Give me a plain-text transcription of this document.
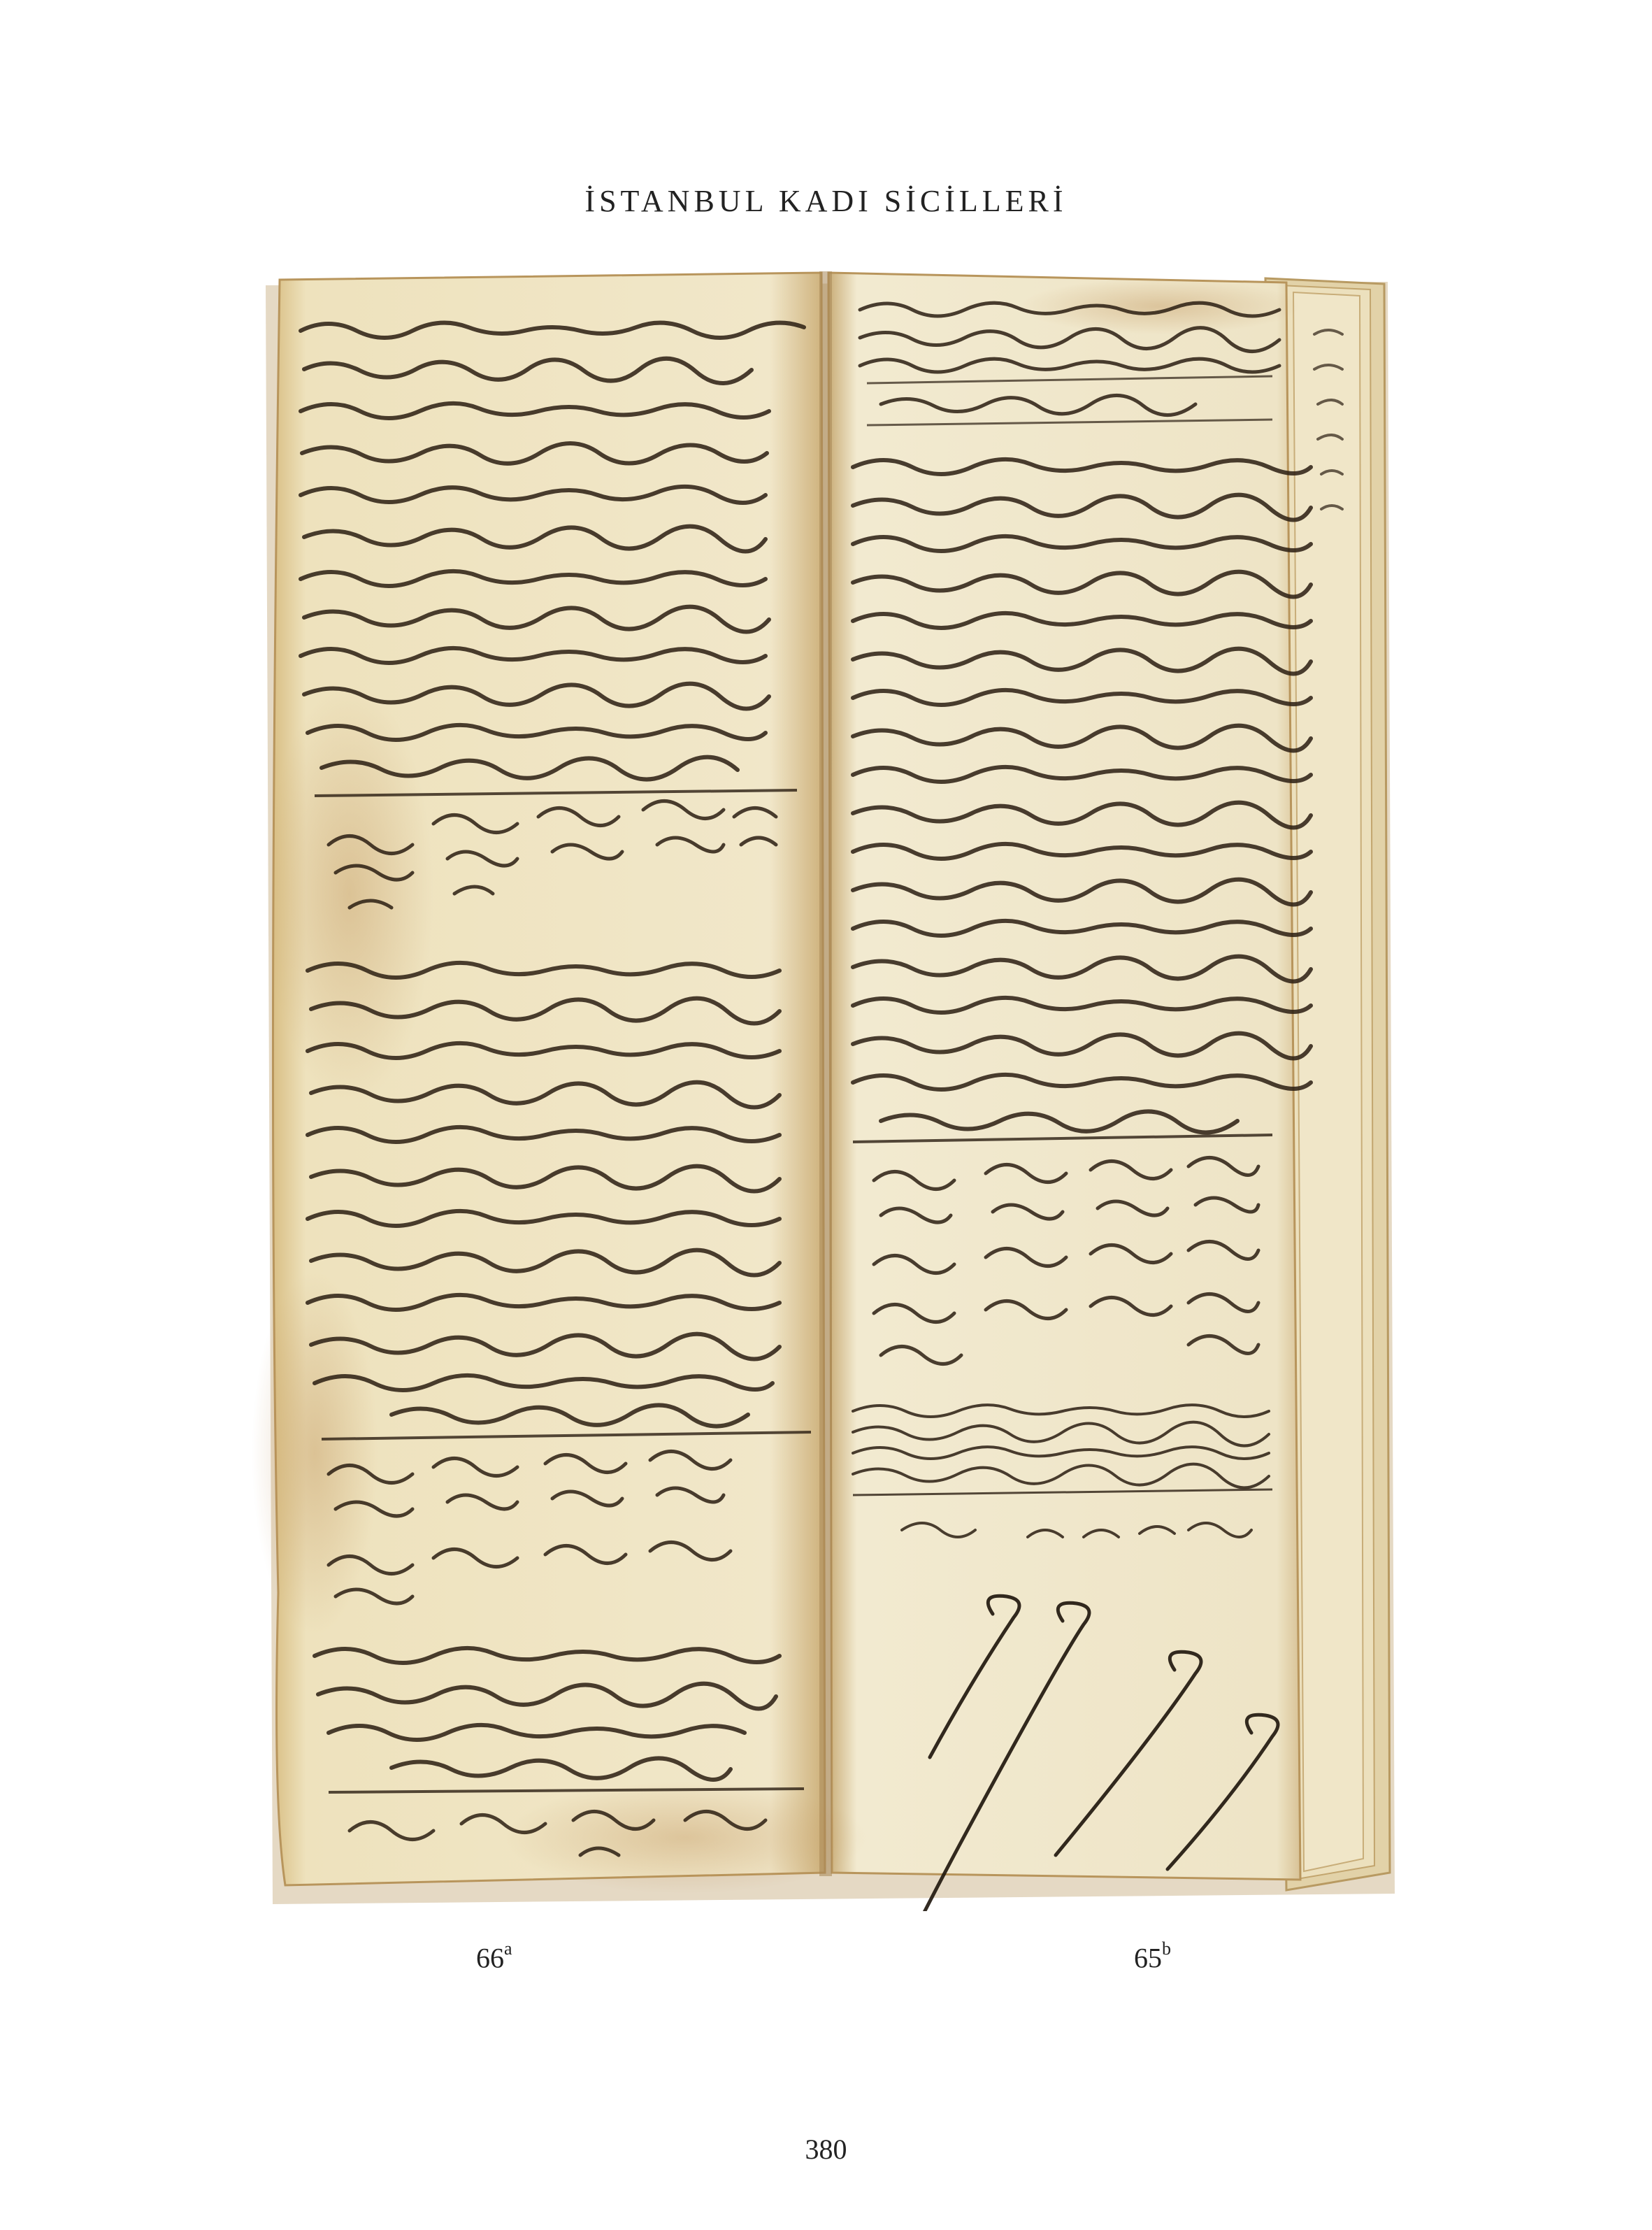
İSTANBUL KADI SİCİLLERİ
66$^a$	65$^b$
380
